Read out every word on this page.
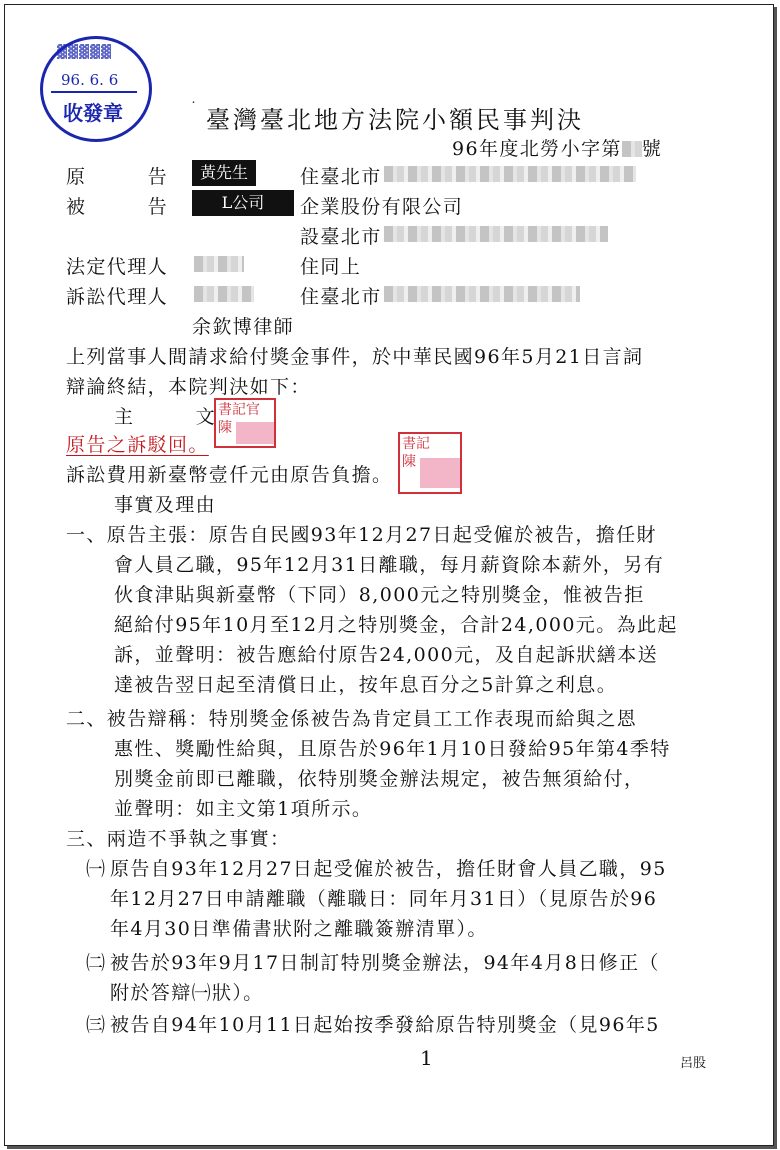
▓▓▓▓▓
96. 6. 6
收發章	˙ 臺灣臺北地方法院小額民事判決
96年度北勞小字第 號
原　　　告	黃先生	住臺北市
被　　　告	L公司	企業股份有限公司
設臺北市
法定代理人	住同上
訴訟代理人	住臺北市
余欽博律師
上列當事人間請求給付獎金事件，於中華民國96年5月21日言詞
辯論終結，本院判決如下：
主　　　文 書記官
陳
原告之訴駁回。	書記
陳
訴訟費用新臺幣壹仟元由原告負擔。
事實及理由
一、原告主張：原告自民國93年12月27日起受僱於被告，擔任財
會人員乙職，95年12月31日離職，每月薪資除本薪外，另有
伙食津貼與新臺幣（下同）8,000元之特別獎金，惟被告拒
絕給付95年10月至12月之特別獎金，合計24,000元。為此起
訴，並聲明：被告應給付原告24,000元，及自起訴狀繕本送
達被告翌日起至清償日止，按年息百分之5計算之利息。
二、被告辯稱：特別獎金係被告為肯定員工工作表現而給與之恩
惠性、獎勵性給與，且原告於96年1月10日發給95年第4季特
別獎金前即已離職，依特別獎金辦法規定，被告無須給付，
並聲明：如主文第1項所示。
三、兩造不爭執之事實：
㈠ 原告自93年12月27日起受僱於被告，擔任財會人員乙職，95
年12月27日申請離職（離職日：同年月31日）（見原告於96
年4月30日準備書狀附之離職簽辦清單）。
㈡ 被告於93年9月17日制訂特別獎金辦法，94年4月8日修正（
附於答辯㈠狀）。
㈢ 被告自94年10月11日起始按季發給原告特別獎金（見96年5
1	呂股
